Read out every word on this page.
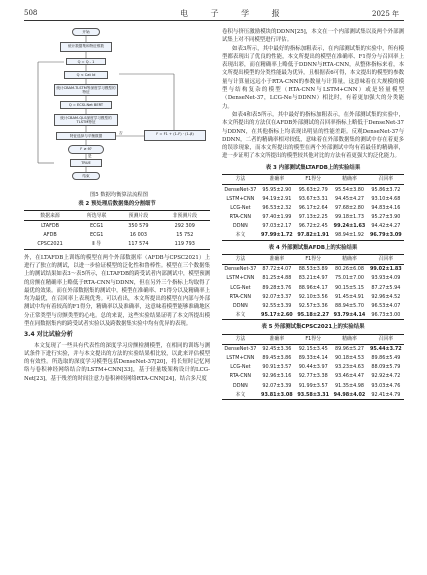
508	电 子 学 报	2025 年
开始
统计数据集和特征维数
Q = Q - 1
Q < Cat Id
统计CBAM-TLSTM等深度学习模型的特征
Q = ECSI-Net BERT
统计CBAM-QLS深度学习模型的TLSTM特征
特征选择与平衡数据	F = F1 + (1-F) · (1-β)
F ≥ θ?
TRUE
结束
是
否
图5 数据均衡算法流程图
表 2 预处理后数据集的分割细节
数据来源	所选导联	预测片段	非预测片段
LTAFDB	ECG1	350 579	292 309
AFDB	ECG1	16 003	15 752
CPSC2021	Ⅱ 导	117 574	119 793

外，在LTAFDB上训练的模型在两个外部数据库（AFDB与CPSC2021）上进行了独立的测试，以进一步验证模型的泛化性和鲁棒性。模型在三个数据集上的测试结果如表3～表5所示，在LTAFDB的跨受试者内部测试中，模型预测的房颤在精确率上略低于RTA-CNN与DDNN，但在另外三个指标上均取得了最优的效果。而在外部数据集的测试中，模型在准确率、F1得分以及精确率上均为最优，在召回率上表现优秀。可以看出，本文所提出的模型在内部与外部测试中均有着较高的F1得分，精确率以及准确率，这意味着模型能够准确地区分正常类型与房颤类型的心电。总的来说，这些实验结果证明了本文所提出模型在同数据集内的跨受试者实验以及跨数据集实验中均有优异的表现。

3.4 对比试验分析

本文复现了一些具有代表性的深度学习房颤检测模型，在相同的训练与测试条件下进行实验，并与本文提出的方法的实验结果相比较，以此来评估模型的有效性。所选取的深度学习模型包括DenseNet-37[20]，将长短时记忆网络与卷积神经网络结合的LSTM+CNN[33]，基于轻量级架构设计的LCG-Net[23]，基于残差的时间注意力卷积神经网络RTA-CNN[24]，结合多尺度

卷积与挤压激励模块的DDNN[25]，本文在一个内部测试集以及两个外部测试集上对不同模型进行评估。

如表3所示，其中最好的指标加粗表示，在内部测试集的实验中，所有模型都表现出了优良的性能，本文所提出的模型在准确率、F1得分与召回率上表现出彩，而在精确率上略低于DDNN与RTA-CNN，从整体指标来看，本文所提出模型的分类性能最为优异，且根据表6可得，本文提出的模型的参数量与计算量远远小于RTA-CNN的参数量与计算量，这意味着在大规模的模型与结构复杂的模型（RTA-CNN与LSTM+CNN）或是轻量模型（DenseNet-37，LCG-Ne与DDNN）相比时，有着更加强大的分类能力。

如表4和表5所示，其中最好的指标加粗表示，在外部测试集的实验中，本文所提出的方法仅在AFDB外部测试的召回率指标上略低于DenseNet-37与DDNN，在其他指标上均表现出明显的性能差距。反观DenseNet-37与DDNN，二者的精确率相对较低，意味着在外部数据集的测试中存在着更多的误诊现象，而本文所提出的模型在两个外部测试中均有着最佳的精确率，进一步证明了本文所提出的模型较其他对比的方法有着更强大的泛化能力。

表 3 内部测试集LTAFDB上的实验结果
方法	准确率	F1得分	精确率	召回率
DenseNet-37	95.95±2.90	95.63±2.79	95.54±3.80	95.86±3.72
LSTM+CNN	94.19±2.91	93.67±3.31	94.45±4.27	93.10±4.68
LCG-Net	96.53±2.32	96.17±2.64	97.68±2.80	94.83±4.16
RTA-CNN	97.40±1.99	97.13±2.25	99.18±1.73	95.27±3.90
DDNN	97.03±2.17	96.72±2.45	99.24±1.63	94.42±4.27
本文	97.99±1.72	97.82±1.91	98.94±1.92	96.79±3.09
表 4 外部测试集AFDB上的实验结果
方法	准确率	F1得分	精确率	召回率
DenseNet-37	87.72±4.07	88.53±3.89	80.26±6.08	99.02±1.83
LSTM+CNN	81.25±4.88	83.21±4.97	75.01±7.00	93.93±4.09
LCG-Net	89.28±3.76	88.96±4.17	90.15±5.15	87.27±5.94
RTA-CNN	92.07±3.37	92.10±3.56	91.45±4.91	92.96±4.52
DDNN	92.55±3.39	92.57±3.36	88.94±5.70	96.53±4.07
本文	95.17±2.60	95.18±2.27	93.79±4.14	96.73±3.00
表 5 外部测试集CPSC2021上的实验结果
方法	准确率	F1得分	精确率	召回率
DenseNet-37	92.45±3.36	92.15±3.45	89.96±5.27	95.44±3.72
LSTM+CNN	89.45±3.86	89.33±4.14	90.18±4.53	89.86±5.49
LCG-Net	90.91±3.57	90.44±3.97	93.23±4.63	88.09±5.79
RTA-CNN	92.96±3.16	92.77±3.38	93.46±4.47	92.92±4.72
DDNN	92.07±3.39	91.99±3.57	91.35±4.98	93.03±4.76
本文	93.81±3.08	93.58±3.31	94.98±4.02	92.41±4.79
